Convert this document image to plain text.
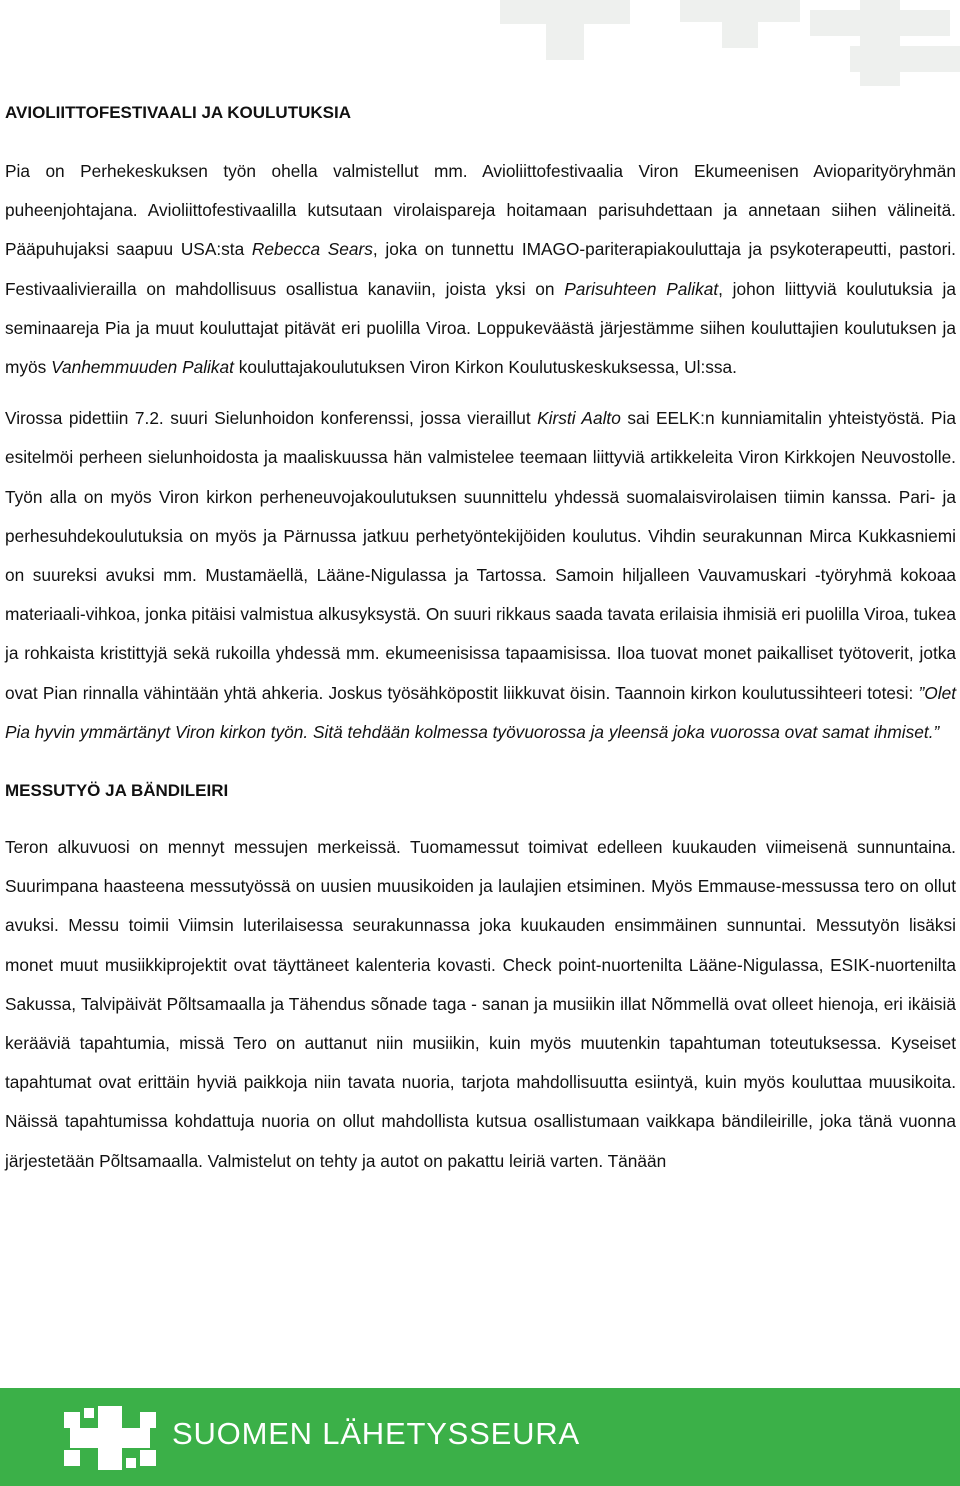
AVIOLIITTOFESTIVAALI JA KOULUTUKSIA

Pia on Perhekeskuksen työn ohella valmistellut mm. Avioliittofestivaalia Viron Ekumeenisen Avioparityöryhmän puheenjohtajana. Avioliittofestivaalilla kutsutaan virolaispareja hoitamaan parisuhdettaan ja annetaan siihen välineitä. Pääpuhujaksi saapuu USA:sta Rebecca Sears, joka on tunnettu IMAGO-pariterapiakouluttaja ja psykoterapeutti, pastori. Festivaalivierailla on mahdollisuus osallistua kanaviin, joista yksi on Parisuhteen Palikat, johon liittyviä koulutuksia ja seminaareja Pia ja muut kouluttajat pitävät eri puolilla Viroa. Loppukeväästä järjestämme siihen kouluttajien koulutuksen ja myös Vanhemmuuden Palikat kouluttajakoulutuksen Viron Kirkon Koulutuskeskuksessa, Ul:ssa.

Virossa pidettiin 7.2. suuri Sielunhoidon konferenssi, jossa vieraillut Kirsti Aalto sai EELK:n kunniamitalin yhteistyöstä. Pia esitelmöi perheen sielunhoidosta ja maaliskuussa hän valmistelee teemaan liittyviä artikkeleita Viron Kirkkojen Neuvostolle. Työn alla on myös Viron kirkon perheneuvojakoulutuksen suunnittelu yhdessä suomalaisvirolaisen tiimin kanssa. Pari- ja perhesuhdekoulutuksia on myös ja Pärnussa jatkuu perhetyöntekijöiden koulutus. Vihdin seurakunnan Mirca Kukkasniemi on suureksi avuksi mm. Mustamäellä, Lääne-Nigulassa ja Tartossa. Samoin hiljalleen Vauvamuskari -työryhmä kokoaa materiaali-vihkoa, jonka pitäisi valmistua alkusyksystä. On suuri rikkaus saada tavata erilaisia ihmisiä eri puolilla Viroa, tukea ja rohkaista kristittyjä sekä rukoilla yhdessä mm. ekumeenisissa tapaamisissa. Iloa tuovat monet paikalliset työtoverit, jotka ovat Pian rinnalla vähintään yhtä ahkeria. Joskus työsähköpostit liikkuvat öisin. Taannoin kirkon koulutussihteeri totesi: ”Olet Pia hyvin ymmärtänyt Viron kirkon työn. Sitä tehdään kolmessa työvuorossa ja yleensä joka vuorossa ovat samat ihmiset.”

MESSUTYÖ JA BÄNDILEIRI

Teron alkuvuosi on mennyt messujen merkeissä. Tuomamessut toimivat edelleen kuukauden viimeisenä sunnuntaina. Suurimpana haasteena messutyössä on uusien muusikoiden ja laulajien etsiminen. Myös Emmause-messussa tero on ollut avuksi. Messu toimii Viimsin luterilaisessa seurakunnassa joka kuukauden ensimmäinen sunnuntai. Messutyön lisäksi monet muut musiikkiprojektit ovat täyttäneet kalenteria kovasti. Check point-nuortenilta Lääne-Nigulassa, ESIK-nuortenilta Sakussa, Talvipäivät Põltsamaalla ja Tähendus sõnade taga - sanan ja musiikin illat Nõmmellä ovat olleet hienoja, eri ikäisiä kerääviä tapahtumia, missä Tero on auttanut niin musiikin, kuin myös muutenkin tapahtuman toteutuksessa. Kyseiset tapahtumat ovat erittäin hyviä paikkoja niin tavata nuoria, tarjota mahdollisuutta esiintyä, kuin myös kouluttaa muusikoita. Näissä tapahtumissa kohdattuja nuoria on ollut mahdollista kutsua osallistumaan vaikkapa bändileirille, joka tänä vuonna järjestetään Põltsamaalla. Valmistelut on tehty ja autot on pakattu leiriä varten. Tänään

SUOMEN LÄHETYSSEURA
